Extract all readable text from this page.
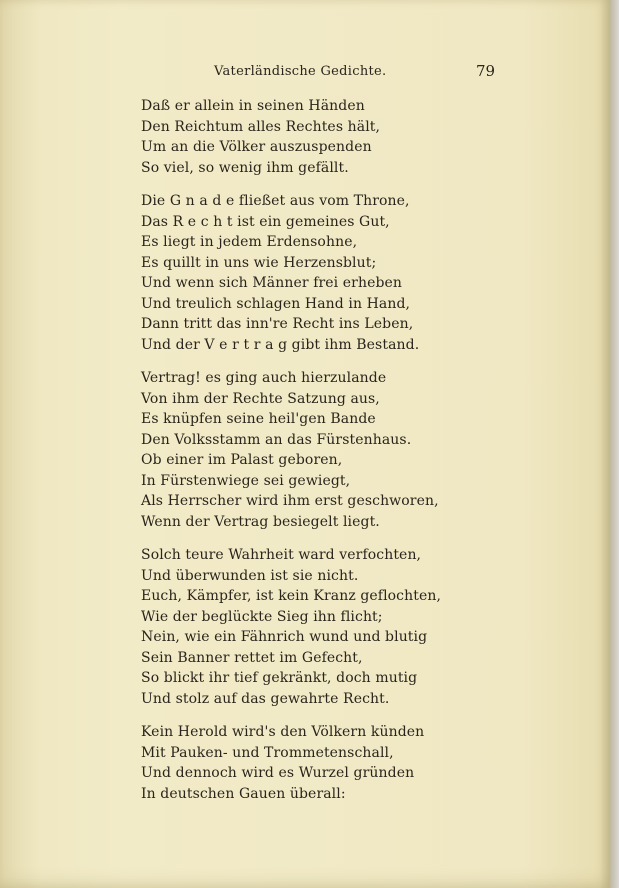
Vaterländische Gedichte.	79
Daß er allein in seinen Händen
Den Reichtum alles Rechtes hält,
Um an die Völker auszuspenden
So viel, so wenig ihm gefällt.
Die G n a d e fließet aus vom Throne,
Das R e c h t ist ein gemeines Gut,
Es liegt in jedem Erdensohne,
Es quillt in uns wie Herzensblut;
Und wenn sich Männer frei erheben
Und treulich schlagen Hand in Hand,
Dann tritt das inn're Recht ins Leben,
Und der V e r t r a g gibt ihm Bestand.
Vertrag! es ging auch hierzulande
Von ihm der Rechte Satzung aus,
Es knüpfen seine heil'gen Bande
Den Volksstamm an das Fürstenhaus.
Ob einer im Palast geboren,
In Fürstenwiege sei gewiegt,
Als Herrscher wird ihm erst geschworen,
Wenn der Vertrag besiegelt liegt.
Solch teure Wahrheit ward verfochten,
Und überwunden ist sie nicht.
Euch, Kämpfer, ist kein Kranz geflochten,
Wie der beglückte Sieg ihn flicht;
Nein, wie ein Fähnrich wund und blutig
Sein Banner rettet im Gefecht,
So blickt ihr tief gekränkt, doch mutig
Und stolz auf das gewahrte Recht.
Kein Herold wird's den Völkern künden
Mit Pauken- und Trommetenschall,
Und dennoch wird es Wurzel gründen
In deutschen Gauen überall:
